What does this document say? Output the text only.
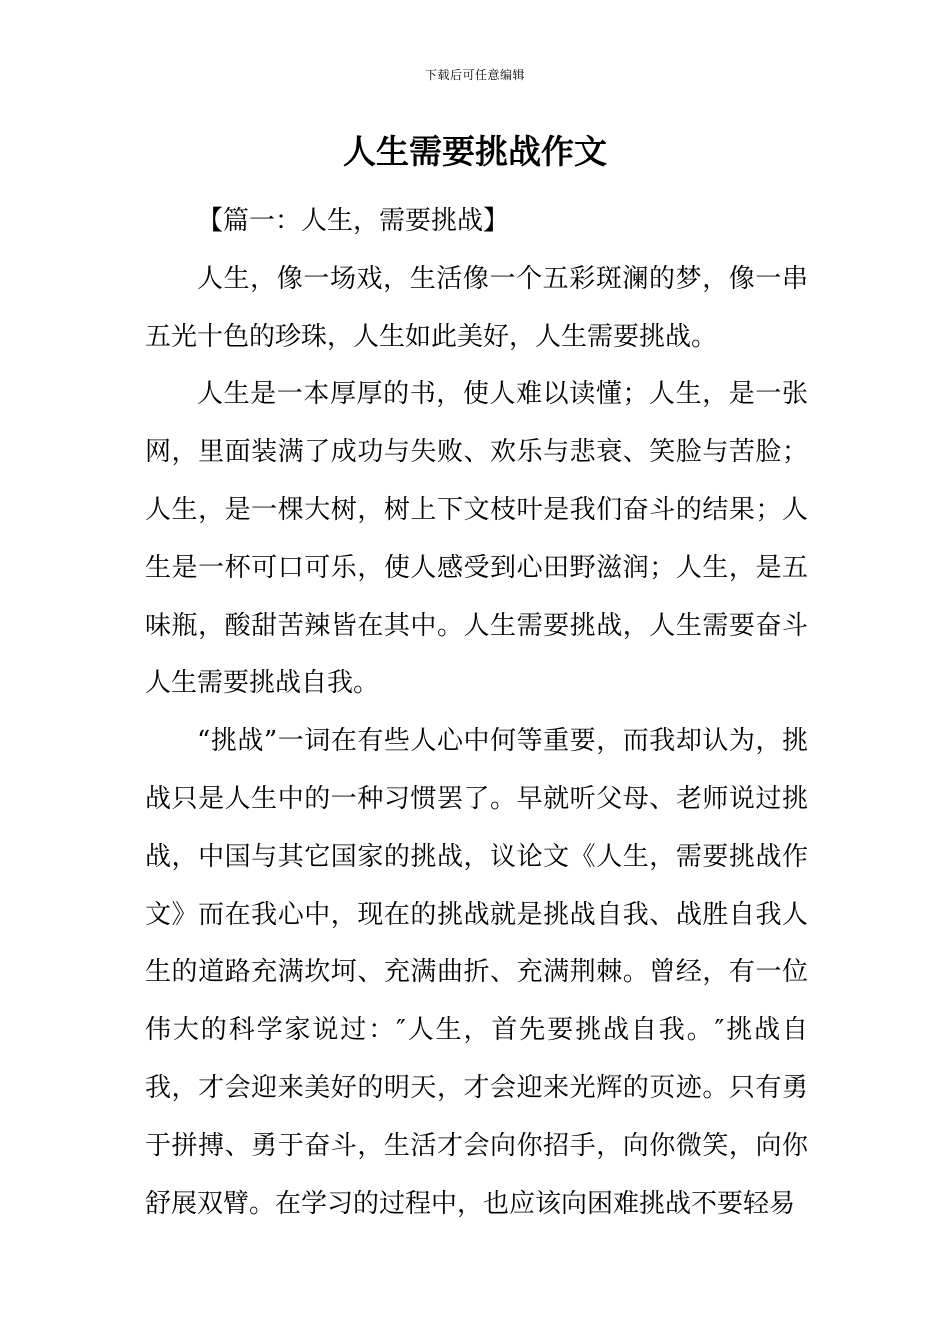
下载后可任意编辑
人生需要挑战作文

【篇一：人生，需要挑战】

人生，像一场戏，生活像一个五彩斑澜的梦，像一串五光十色的珍珠，人生如此美好，人生需要挑战。

人生是一本厚厚的书，使人难以读懂；人生，是一张网，里面装满了成功与失败、欢乐与悲衰、笑脸与苦脸；人生，是一棵大树，树上下文枝叶是我们奋斗的结果；人生是一杯可口可乐，使人感受到心田野滋润；人生，是五味瓶，酸甜苦辣皆在其中。人生需要挑战，人生需要奋斗人生需要挑战自我。

“挑战”一词在有些人心中何等重要，而我却认为，挑战只是人生中的一种习惯罢了。早就听父母、老师说过挑战，中国与其它国家的挑战，议论文《人生，需要挑战作文》而在我心中，现在的挑战就是挑战自我、战胜自我人生的道路充满坎坷、充满曲折、充满荆棘。曾经，有一位伟大的科学家说过：″人生，首先要挑战自我。″挑战自我，才会迎来美好的明天，才会迎来光辉的页迹。只有勇于拼搏、勇于奋斗，生活才会向你招手，向你微笑，向你舒展双臂。在学习的过程中，也应该向困难挑战不要轻易
